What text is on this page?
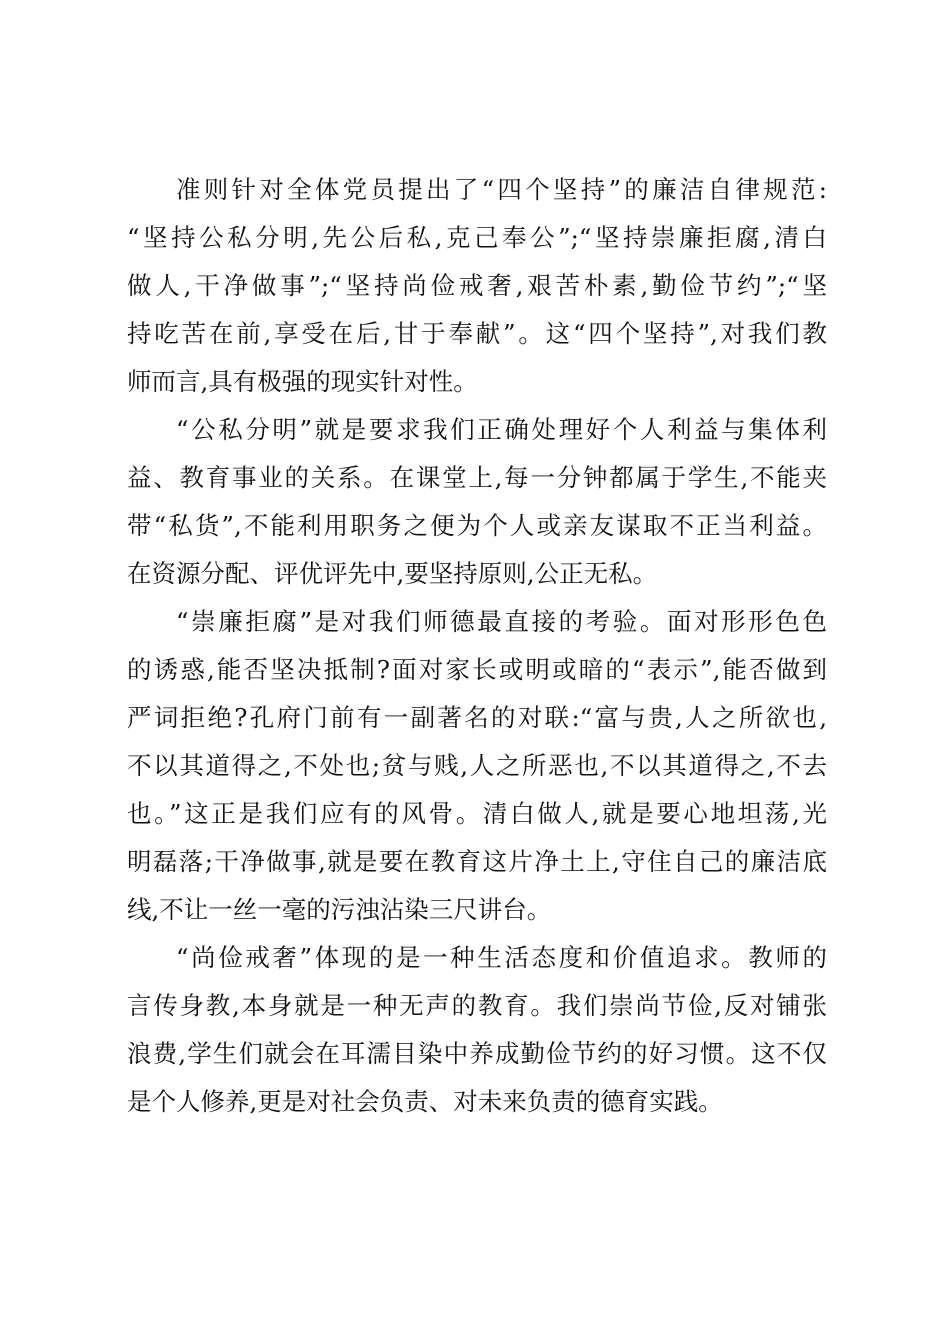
准则针对全体党员提出了“四个坚持”的廉洁自律规范:
“坚持公私分明,先公后私,克己奉公”;“坚持崇廉拒腐,清白
做人,干净做事”;“坚持尚俭戒奢,艰苦朴素,勤俭节约”;“坚
持吃苦在前,享受在后,甘于奉献”。这“四个坚持”,对我们教
师而言,具有极强的现实针对性。
“公私分明”就是要求我们正确处理好个人利益与集体利
益、教育事业的关系。在课堂上,每一分钟都属于学生,不能夹
带“私货”,不能利用职务之便为个人或亲友谋取不正当利益。
在资源分配、评优评先中,要坚持原则,公正无私。
“崇廉拒腐”是对我们师德最直接的考验。面对形形色色
的诱惑,能否坚决抵制?面对家长或明或暗的“表示”,能否做到
严词拒绝?孔府门前有一副著名的对联:“富与贵,人之所欲也,
不以其道得之,不处也;贫与贱,人之所恶也,不以其道得之,不去
也。”这正是我们应有的风骨。清白做人,就是要心地坦荡,光
明磊落;干净做事,就是要在教育这片净土上,守住自己的廉洁底
线,不让一丝一毫的污浊沾染三尺讲台。
“尚俭戒奢”体现的是一种生活态度和价值追求。教师的
言传身教,本身就是一种无声的教育。我们崇尚节俭,反对铺张
浪费,学生们就会在耳濡目染中养成勤俭节约的好习惯。这不仅
是个人修养,更是对社会负责、对未来负责的德育实践。
